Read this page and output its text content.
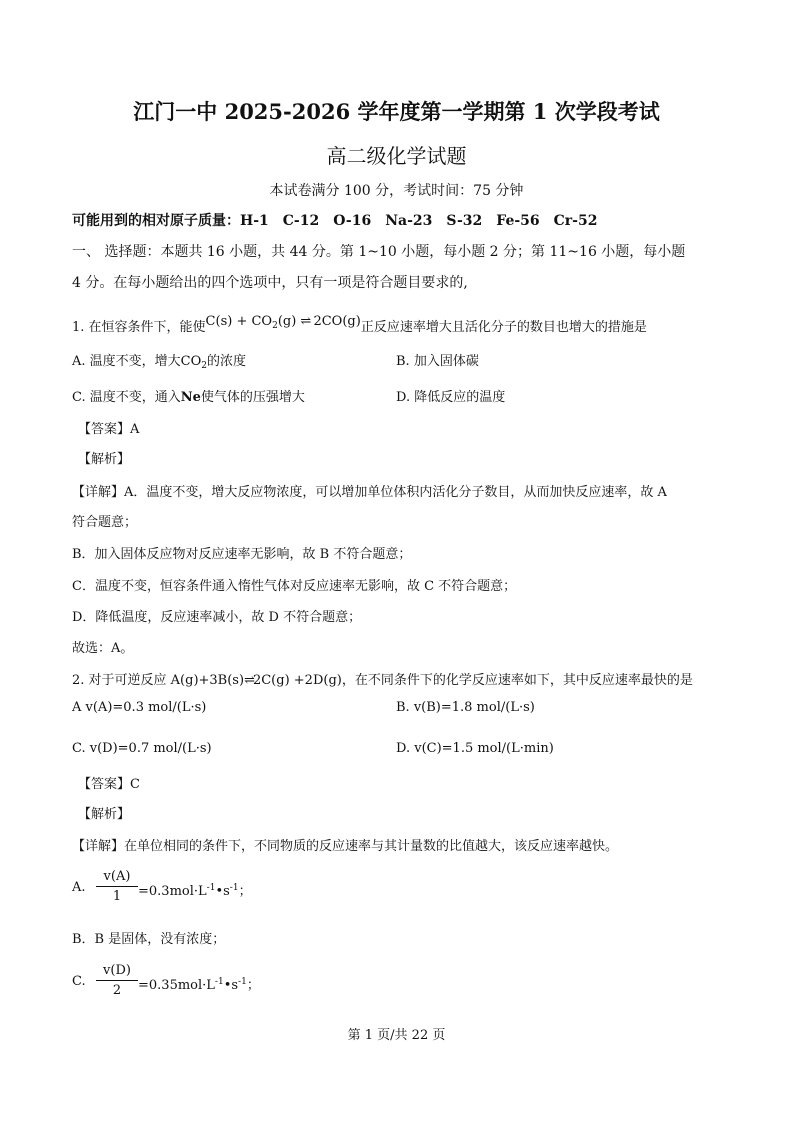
江门一中 2025-2026 学年度第一学期第 1 次学段考试
高二级化学试题
本试卷满分 100 分，考试时间：75 分钟
可能用到的相对原子质量：H-1　C-12　O-16　Na-23　S-32　Fe-56　Cr-52
一、 选择题：本题共 16 小题，共 44 分。第 1~10 小题，每小题 2 分；第 11~16 小题，每小题
4 分。在每小题给出的四个选项中，只有一项是符合题目要求的,
1. 在恒容条件下，能使$C(s) + CO_2(g)$ ⇌ 2CO(g)正反应速率增大且活化分子的数目也增大的措施是
A. 温度不变，增大$CO_2$的浓度	B. 加入固体碳
C. 温度不变，通入Ne使气体的压强增大	D. 降低反应的温度
【答案】A
【解析】
【详解】A．温度不变，增大反应物浓度，可以增加单位体积内活化分子数目，从而加快反应速率，故 A
符合题意；
B．加入固体反应物对反应速率无影响，故 B 不符合题意；
C．温度不变，恒容条件通入惰性气体对反应速率无影响，故 C 不符合题意；
D．降低温度，反应速率减小，故 D 不符合题意；
故选：A。
2. 对于可逆反应 A(g)+3B(s)⇌2C(g) +2D(g)，在不同条件下的化学反应速率如下，其中反应速率最快的是
A v(A)=0.3 mol/(L·s)	B. v(B)=1.8 mol/(L·s)
C. v(D)=0.7 mol/(L·s)	D. v(C)=1.5 mol/(L·min)
【答案】C
【解析】
【详解】在单位相同的条件下，不同物质的反应速率与其计量数的比值越大，该反应速率越快。
A. $\frac{v(A)}{1}$ $=0.3mol\cdot L^{-1}•s^{-1}$；
B．B 是固体，没有浓度；
C. $\frac{v(D)}{2}$ $=0.35mol\cdot L^{-1}•s^{-1}$；
第 1 页/共 22 页
